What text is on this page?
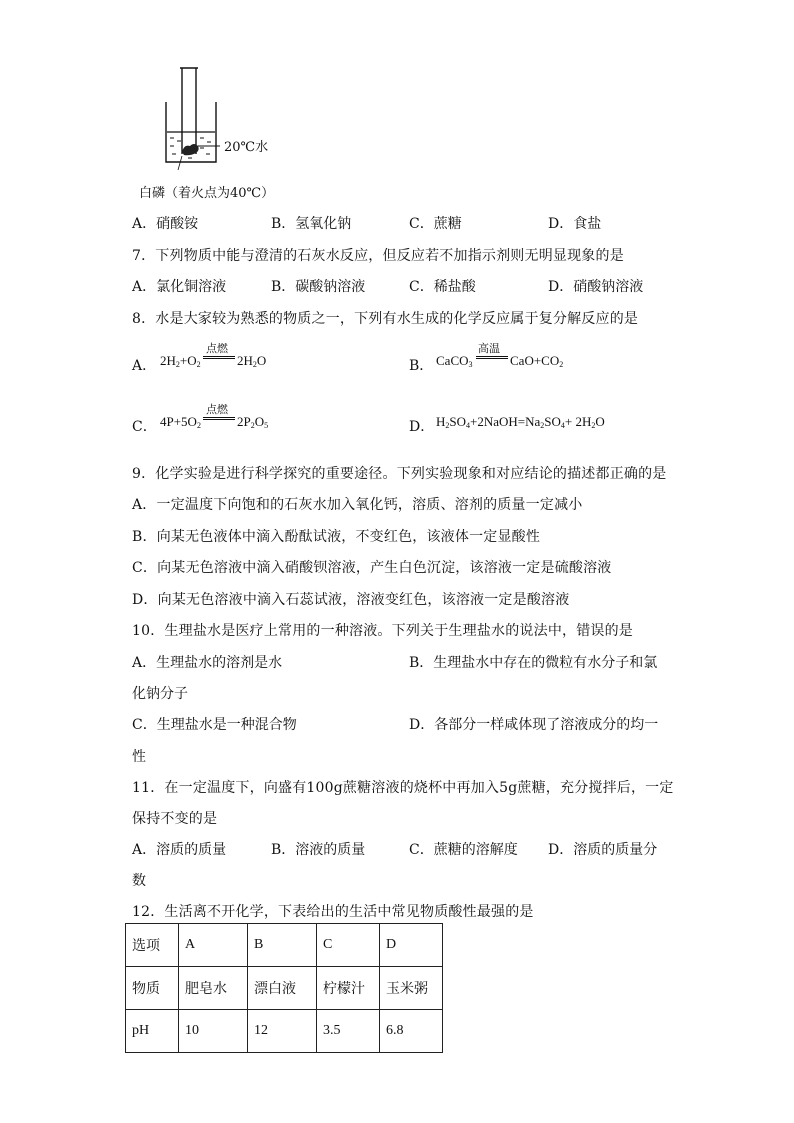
20℃水
白磷（着火点为40℃）
A．硝酸铵	B．氢氧化钠	C．蔗糖	D．食盐
7．下列物质中能与澄清的石灰水反应，但反应若不加指示剂则无明显现象的是
A．氯化铜溶液	B．碳酸钠溶液	C．稀盐酸	D．硝酸钠溶液
8．水是大家较为熟悉的物质之一，下列有水生成的化学反应属于复分解反应的是
A． $2H_2+O_2$
点燃
$2H_2O$	B． CaCO$_3$
高温
$CaO+CO_2$
C． $4P+5O_2$
点燃
$2P_2O_5$	D． $H_2SO_4+2NaOH=Na_2SO_4+ 2H_2O$
9．化学实验是进行科学探究的重要途径。下列实验现象和对应结论的描述都正确的是
A．一定温度下向饱和的石灰水加入氧化钙，溶质、溶剂的质量一定减小
B．向某无色液体中滴入酚酞试液，不变红色，该液体一定显酸性
C．向某无色溶液中滴入硝酸钡溶液，产生白色沉淀，该溶液一定是硫酸溶液
D．向某无色溶液中滴入石蕊试液，溶液变红色，该溶液一定是酸溶液
10．生理盐水是医疗上常用的一种溶液。下列关于生理盐水的说法中，错误的是
A．生理盐水的溶剂是水	B．生理盐水中存在的微粒有水分子和氯
化钠分子
C．生理盐水是一种混合物	D．各部分一样咸体现了溶液成分的均一
性
11．在一定温度下，向盛有100g蔗糖溶液的烧杯中再加入5g蔗糖，充分搅拌后，一定
保持不变的是
A．溶质的质量	B．溶液的质量	C．蔗糖的溶解度 D．溶质的质量分
数
12．生活离不开化学，下表给出的生活中常见物质酸性最强的是
选项	A	B	C	D
物质	肥皂水	漂白液	柠檬汁	玉米粥
pH	10	12	3.5	6.8
